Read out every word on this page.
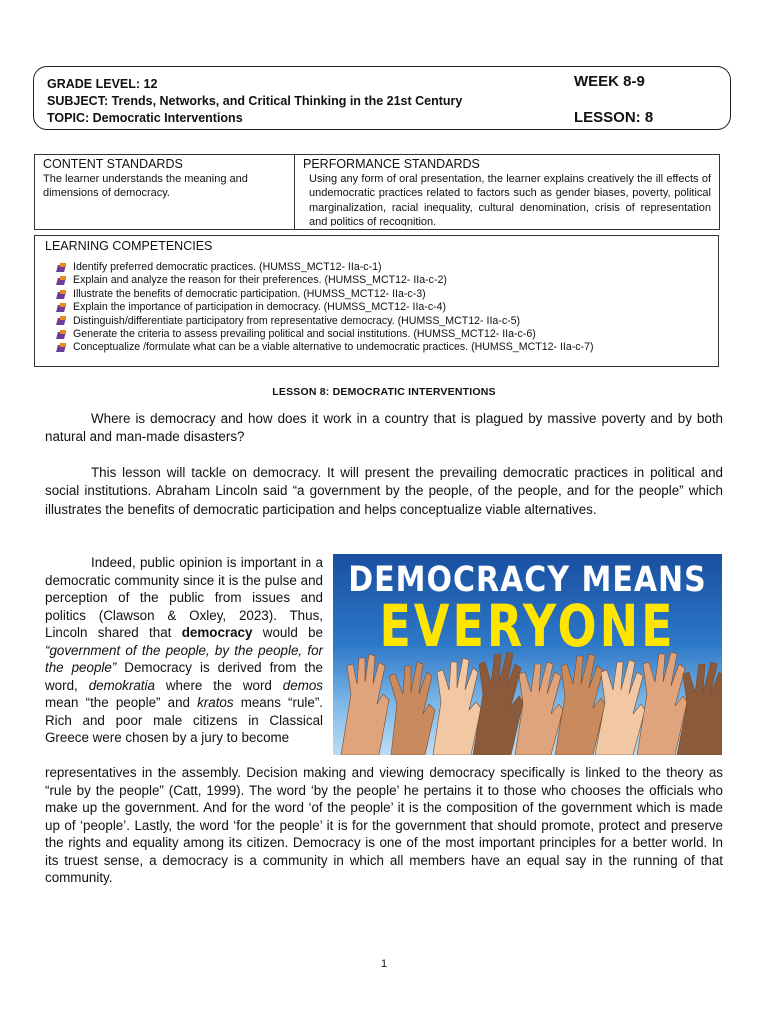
GRADE LEVEL: 12
SUBJECT: Trends, Networks, and Critical Thinking in the 21st Century
TOPIC: Democratic Interventions
WEEK 8-9
LESSON: 8
CONTENT STANDARDS
The learner understands the meaning and dimensions of democracy.

PERFORMANCE STANDARDS
Using any form of oral presentation, the learner explains creatively the ill effects of undemocratic practices related to factors such as gender biases, poverty, political marginalization, racial inequality, cultural denomination, crisis of representation and politics of recognition.
LEARNING COMPETENCIES
Identify preferred democratic practices. (HUMSS_MCT12- IIa-c-1)
Explain and analyze the reason for their preferences. (HUMSS_MCT12- IIa-c-2)
Illustrate the benefits of democratic participation. (HUMSS_MCT12- IIa-c-3)
Explain the importance of participation in democracy. (HUMSS_MCT12- IIa-c-4)
Distinguish/differentiate participatory from representative democracy. (HUMSS_MCT12- IIa-c-5)
Generate the criteria to assess prevailing political and social institutions. (HUMSS_MCT12- IIa-c-6)
Conceptualize /formulate what can be a viable alternative to undemocratic practices. (HUMSS_MCT12- IIa-c-7)
LESSON 8: DEMOCRATIC INTERVENTIONS

Where is democracy and how does it work in a country that is plagued by massive poverty and by both natural and man-made disasters?

This lesson will tackle on democracy. It will present the prevailing democratic practices in political and social institutions. Abraham Lincoln said “a government by the people, of the people, and for the people” which illustrates the benefits of democratic participation and helps conceptualize viable alternatives.

Indeed, public opinion is important in a democratic community since it is the pulse and perception of the public from issues and politics (Clawson & Oxley, 2023). Thus, Lincoln shared that democracy would be “government of the people, by the people, for the people” Democracy is derived from the word, demokratia where the word demos mean “the people” and kratos means “rule”. Rich and poor male citizens in Classical Greece were chosen by a jury to become

representatives in the assembly. Decision making and viewing democracy specifically is linked to the theory as “rule by the people” (Catt, 1999). The word ‘by the people’ he pertains it to those who chooses the officials who make up the government. And for the word ‘of the people’ it is the composition of the government which is made up of ‘people’. Lastly, the word ‘for the people’ it is for the government that should promote, protect and preserve the rights and equality among its citizen. Democracy is one of the most important principles for a better world. In its truest sense, a democracy is a community in which all members have an equal say in the running of that community.

DEMOCRACY MEANS
EVERYONE
1
